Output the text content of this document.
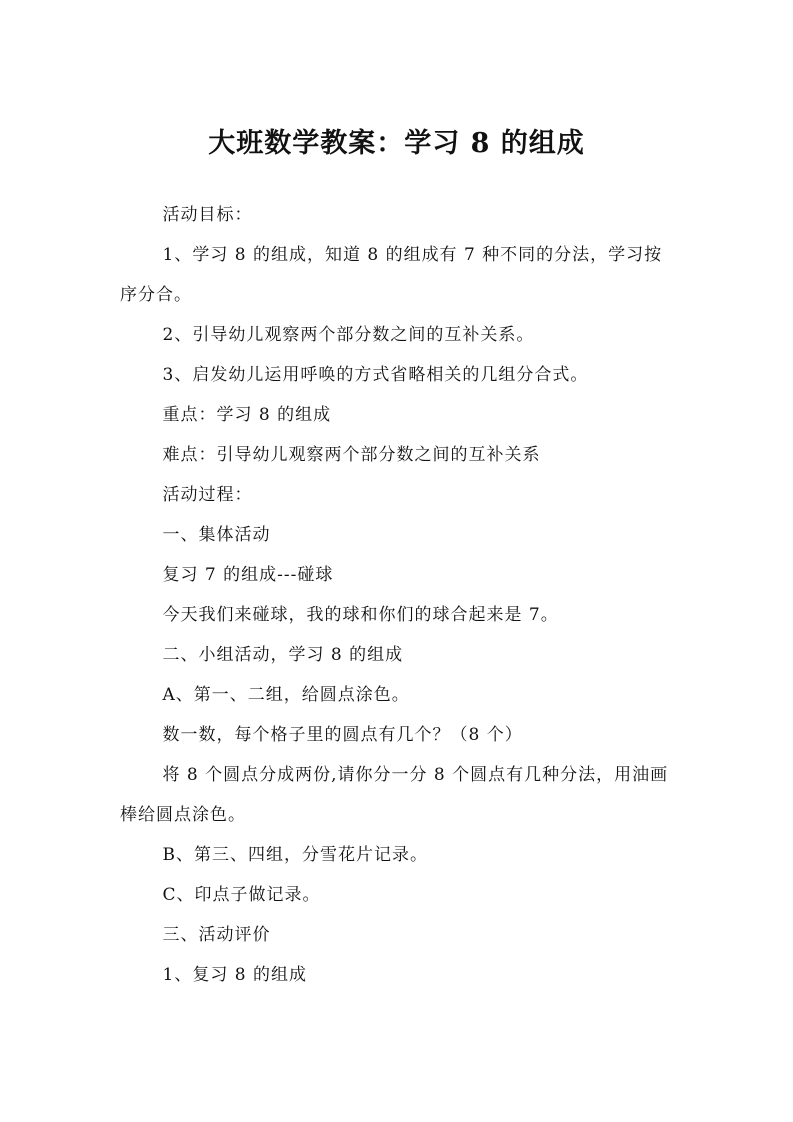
大班数学教案：学习 8 的组成

活动目标：

1、学习 8 的组成，知道 8 的组成有 7 种不同的分法，学习按序分合。

2、引导幼儿观察两个部分数之间的互补关系。

3、启发幼儿运用呼唤的方式省略相关的几组分合式。

重点：学习 8 的组成

难点：引导幼儿观察两个部分数之间的互补关系

活动过程：

一、集体活动

复习 7 的组成---碰球

今天我们来碰球，我的球和你们的球合起来是 7。

二、小组活动，学习 8 的组成

A、第一、二组，给圆点涂色。

数一数，每个格子里的圆点有几个？（8 个）

将 8 个圆点分成两份,请你分一分 8 个圆点有几种分法，用油画棒给圆点涂色。

B、第三、四组，分雪花片记录。

C、印点子做记录。

三、活动评价

1、复习 8 的组成
